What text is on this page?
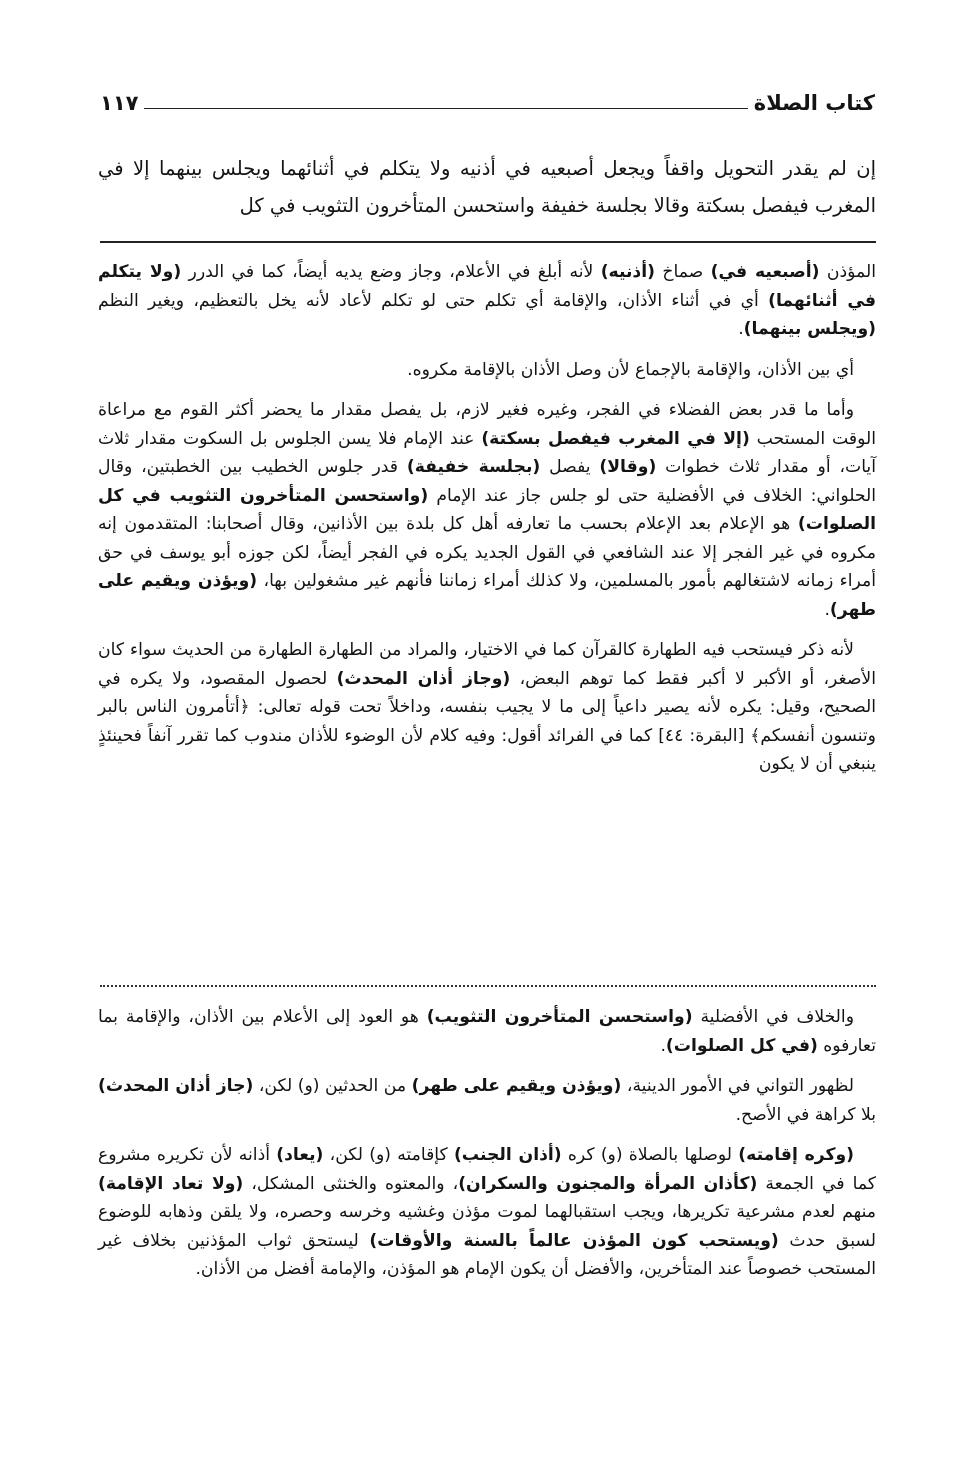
كتاب الصلاة
١١٧
إن لم يقدر التحويل واقفاً ويجعل أصبعيه في أذنيه ولا يتكلم في أثنائهما ويجلس بينهما إلا في المغرب فيفصل بسكتة وقالا بجلسة خفيفة واستحسن المتأخرون التثويب في كل

المؤذن (أصبعيه في) صماخ (أذنيه) لأنه أبلغ في الأعلام، وجاز وضع يديه أيضاً، كما في الدرر (ولا يتكلم في أثنائهما) أي في أثناء الأذان، والإقامة أي تكلم حتى لو تكلم لأعاد لأنه يخل بالتعظيم، ويغير النظم (ويجلس بينهما).

أي بين الأذان، والإقامة بالإجماع لأن وصل الأذان بالإقامة مكروه.

وأما ما قدر بعض الفضلاء في الفجر، وغيره فغير لازم، بل يفصل مقدار ما يحضر أكثر القوم مع مراعاة الوقت المستحب (إلا في المغرب فيفصل بسكتة) عند الإمام فلا يسن الجلوس بل السكوت مقدار ثلاث آيات، أو مقدار ثلاث خطوات (وقالا) يفصل (بجلسة خفيفة) قدر جلوس الخطيب بين الخطبتين، وقال الحلواني: الخلاف في الأفضلية حتى لو جلس جاز عند الإمام (واستحسن المتأخرون التثويب في كل الصلوات) هو الإعلام بعد الإعلام بحسب ما تعارفه أهل كل بلدة بين الأذانين، وقال أصحابنا: المتقدمون إنه مكروه في غير الفجر إلا عند الشافعي في القول الجديد يكره في الفجر أيضاً، لكن جوزه أبو يوسف في حق أمراء زمانه لاشتغالهم بأمور بالمسلمين، ولا كذلك أمراء زماننا فأنهم غير مشغولين بها، (ويؤذن ويقيم على طهر).

لأنه ذكر فيستحب فيه الطهارة كالقرآن كما في الاختيار، والمراد من الطهارة الطهارة من الحديث سواء كان الأصغر، أو الأكبر لا أكبر فقط كما توهم البعض، (وجاز أذان المحدث) لحصول المقصود، ولا يكره في الصحيح، وقيل: يكره لأنه يصير داعياً إلى ما لا يجيب بنفسه، وداخلاً تحت قوله تعالى: ﴿أتأمرون الناس بالبر وتنسون أنفسكم﴾ [البقرة: ٤٤] كما في الفرائد أقول: وفيه كلام لأن الوضوء للأذان مندوب كما تقرر آنفاً فحينئذٍ ينبغي أن لا يكون

والخلاف في الأفضلية (واستحسن المتأخرون التثويب) هو العود إلى الأعلام بين الأذان، والإقامة بما تعارفوه (في كل الصلوات).

لظهور التواني في الأمور الدينية، (ويؤذن ويقيم على طهر) من الحدثين (و) لكن، (جاز أذان المحدث) بلا كراهة في الأصح.

(وكره إقامته) لوصلها بالصلاة (و) كره (أذان الجنب) كإقامته (و) لكن، (يعاد) أذانه لأن تكريره مشروع كما في الجمعة (كأذان المرأة والمجنون والسكران)، والمعتوه والخنثى المشكل، (ولا تعاد الإقامة) منهم لعدم مشرعية تكريرها، ويجب استقبالهما لموت مؤذن وغشيه وخرسه وحصره، ولا يلقن وذهابه للوضوع لسبق حدث (ويستحب كون المؤذن عالماً بالسنة والأوقات) ليستحق ثواب المؤذنين بخلاف غير المستحب خصوصاً عند المتأخرين، والأفضل أن يكون الإمام هو المؤذن، والإمامة أفضل من الأذان.
